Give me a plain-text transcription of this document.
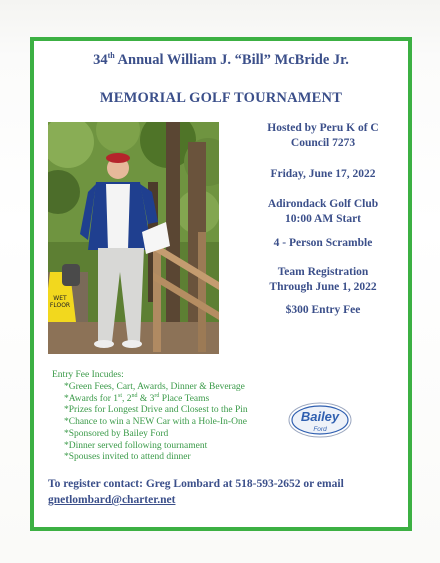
34th Annual William J. “Bill” McBride Jr.
MEMORIAL GOLF TOURNAMENT
WET
FLOOR
Hosted by Peru K of C
Council 7273
Friday, June 17, 2022
Adirondack Golf Club
10:00 AM Start
4 - Person Scramble
Team Registration
Through June 1, 2022
$300 Entry Fee
Entry Fee Incudes:
*Green Fees, Cart, Awards, Dinner & Beverage
*Awards for 1st, 2nd & 3rd Place Teams
*Prizes for Longest Drive and Closest to the Pin
*Chance to win a NEW Car with a Hole-In-One
*Sponsored by Bailey Ford
*Dinner served following tournament
*Spouses invited to attend dinner
Bailey
Ford
To register contact: Greg Lombard at 518-593-2652 or email
gnetlombard@charter.net
